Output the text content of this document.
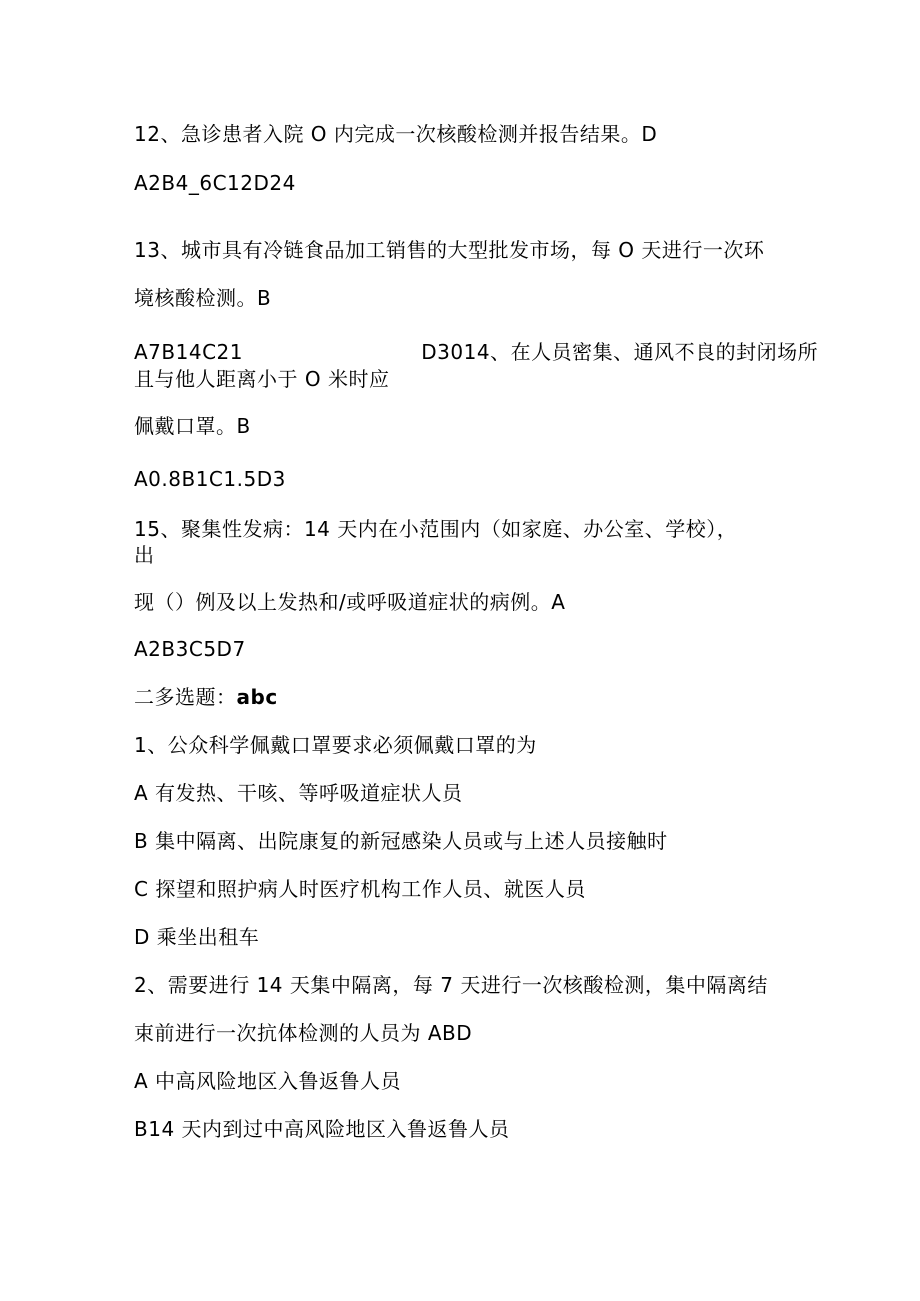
12、急诊患者入院 O 内完成一次核酸检测并报告结果。D

A2B4_6C12D24

13、城市具有冷链食品加工销售的大型批发市场，每 O 天进行一次环

境核酸检测。B

A7B14C21                          D3014、在人员密集、通风不良的封闭场所

且与他人距离小于 O 米时应

佩戴口罩。B

A0.8B1C1.5D3

15、聚集性发病：14 天内在小范围内（如家庭、办公室、学校），

出

现（）例及以上发热和/或呼吸道症状的病例。A

A2B3C5D7

二多选题：abc

1、公众科学佩戴口罩要求必须佩戴口罩的为

A 有发热、干咳、等呼吸道症状人员

B 集中隔离、出院康复的新冠感染人员或与上述人员接触时

C 探望和照护病人时医疗机构工作人员、就医人员

D 乘坐出租车

2、需要进行 14 天集中隔离，每 7 天进行一次核酸检测，集中隔离结

束前进行一次抗体检测的人员为 ABD

A 中高风险地区入鲁返鲁人员

B14 天内到过中高风险地区入鲁返鲁人员
